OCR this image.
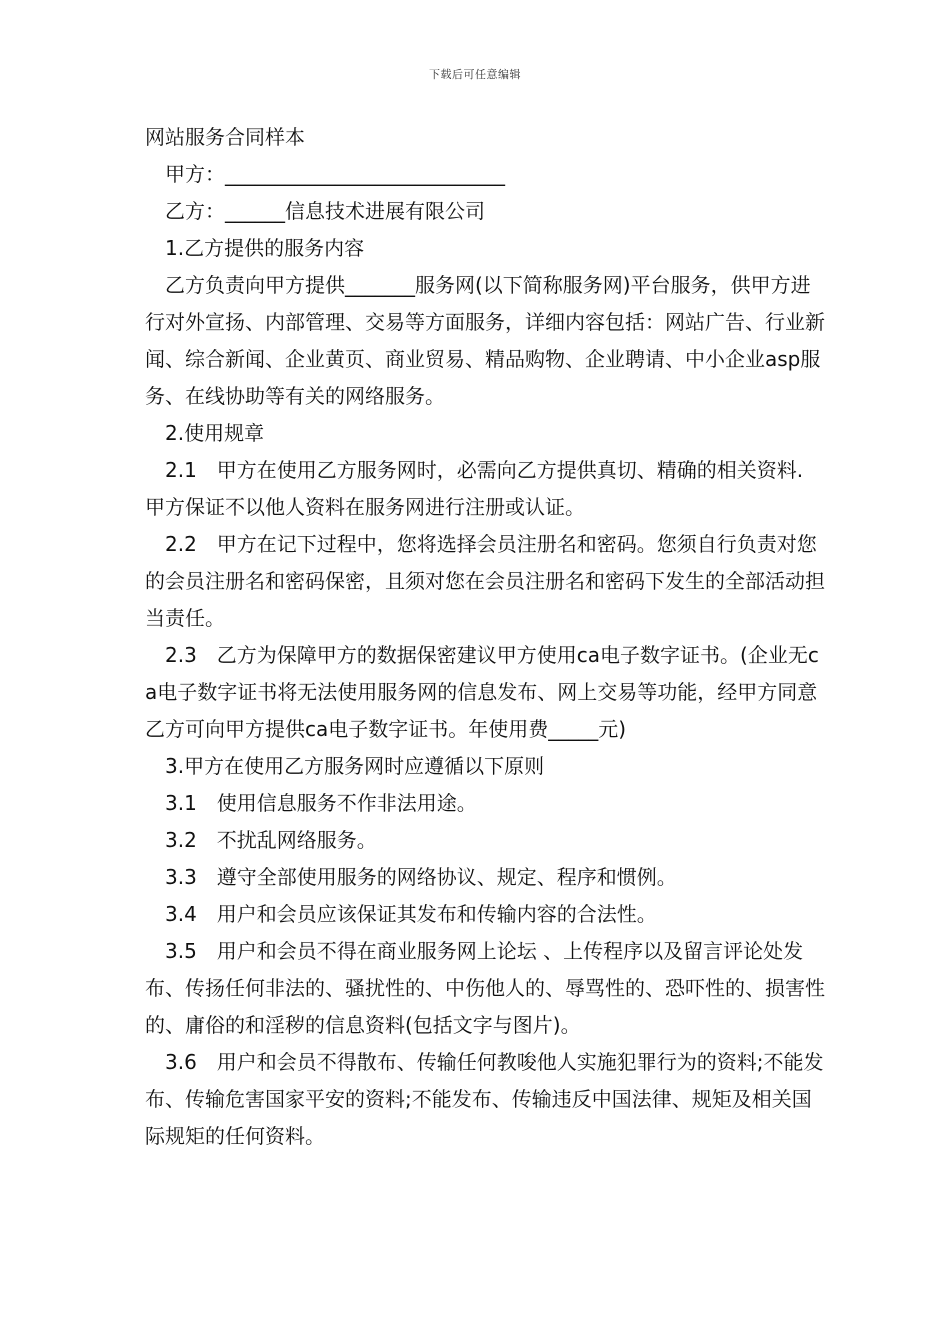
下载后可任意编辑

网站服务合同样本

甲方：____________________________

乙方：______信息技术进展有限公司

1.乙方提供的服务内容

乙方负责向甲方提供_______服务网(以下简称服务网)平台服务，供甲方进行对外宣扬、内部管理、交易等方面服务，详细内容包括：网站广告、行业新闻、综合新闻、企业黄页、商业贸易、精品购物、企业聘请、中小企业asp服务、在线协助等有关的网络服务。

2.使用规章

2.1　甲方在使用乙方服务网时，必需向乙方提供真切、精确的相关资料. 甲方保证不以他人资料在服务网进行注册或认证。

2.2　甲方在记下过程中，您将选择会员注册名和密码。您须自行负责对您的会员注册名和密码保密，且须对您在会员注册名和密码下发生的全部活动担当责任。

2.3　乙方为保障甲方的数据保密建议甲方使用ca电子数字证书。(企业无ca电子数字证书将无法使用服务网的信息发布、网上交易等功能，经甲方同意乙方可向甲方提供ca电子数字证书。年使用费_____元)

3.甲方在使用乙方服务网时应遵循以下原则

3.1　使用信息服务不作非法用途。

3.2　不扰乱网络服务。

3.3　遵守全部使用服务的网络协议、规定、程序和惯例。

3.4　用户和会员应该保证其发布和传输内容的合法性。

3.5　用户和会员不得在商业服务网上论坛 、上传程序以及留言评论处发布、传扬任何非法的、骚扰性的、中伤他人的、辱骂性的、恐吓性的、损害性的、庸俗的和淫秽的信息资料(包括文字与图片)。

3.6　用户和会员不得散布、传输任何教唆他人实施犯罪行为的资料;不能发布、传输危害国家平安的资料;不能发布、传输违反中国法律、规矩及相关国际规矩的任何资料。
